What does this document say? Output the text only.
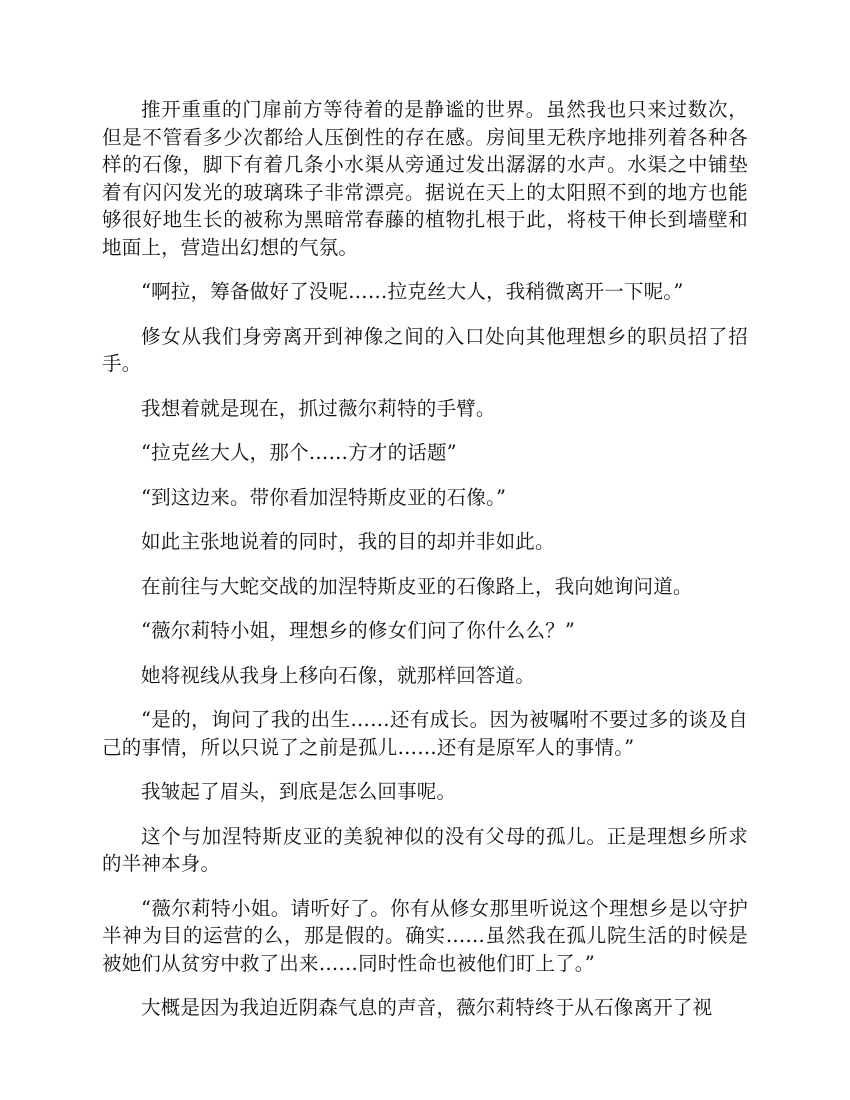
推开重重的门扉前方等待着的是静谧的世界。虽然我也只来过数次，但是不管看多少次都给人压倒性的存在感。房间里无秩序地排列着各种各样的石像，脚下有着几条小水渠从旁通过发出潺潺的水声。水渠之中铺垫着有闪闪发光的玻璃珠子非常漂亮。据说在天上的太阳照不到的地方也能够很好地生长的被称为黑暗常春藤的植物扎根于此，将枝干伸长到墙壁和地面上，营造出幻想的气氛。

“啊拉，筹备做好了没呢……拉克丝大人，我稍微离开一下呢。”

修女从我们身旁离开到神像之间的入口处向其他理想乡的职员招了招手。

我想着就是现在，抓过薇尔莉特的手臂。

“拉克丝大人，那个……方才的话题”

“到这边来。带你看加涅特斯皮亚的石像。”

如此主张地说着的同时，我的目的却并非如此。

在前往与大蛇交战的加涅特斯皮亚的石像路上，我向她询问道。

“薇尔莉特小姐，理想乡的修女们问了你什么么？”

她将视线从我身上移向石像，就那样回答道。

“是的，询问了我的出生……还有成长。因为被嘱咐不要过多的谈及自己的事情，所以只说了之前是孤儿……还有是原军人的事情。”

我皱起了眉头，到底是怎么回事呢。

这个与加涅特斯皮亚的美貌神似的没有父母的孤儿。正是理想乡所求的半神本身。

“薇尔莉特小姐。请听好了。你有从修女那里听说这个理想乡是以守护半神为目的运营的么，那是假的。确实……虽然我在孤儿院生活的时候是被她们从贫穷中救了出来……同时性命也被他们盯上了。”

大概是因为我迫近阴森气息的声音，薇尔莉特终于从石像离开了视
